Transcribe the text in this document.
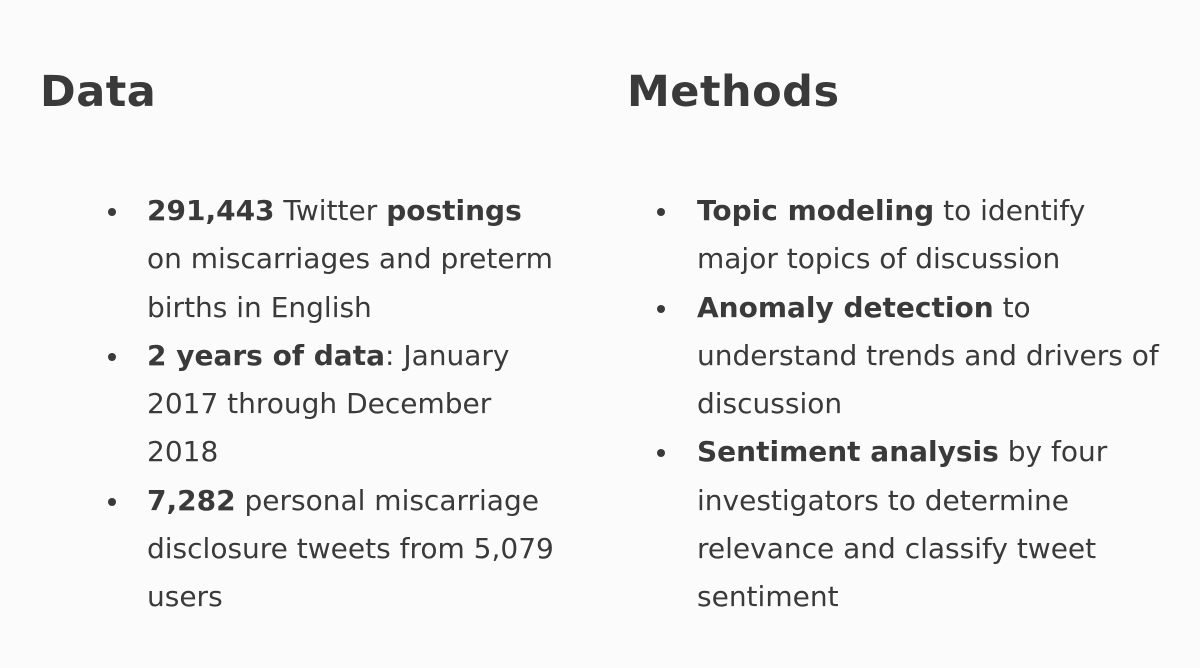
Data
291,443 Twitter postings on miscarriages and preterm births in English
2 years of data: January 2017 through December 2018
7,282 personal miscarriage disclosure tweets from 5,079 users
Methods
Topic modeling to identify major topics of discussion
Anomaly detection to understand trends and drivers of discussion
Sentiment analysis by four investigators to determine relevance and classify tweet sentiment
